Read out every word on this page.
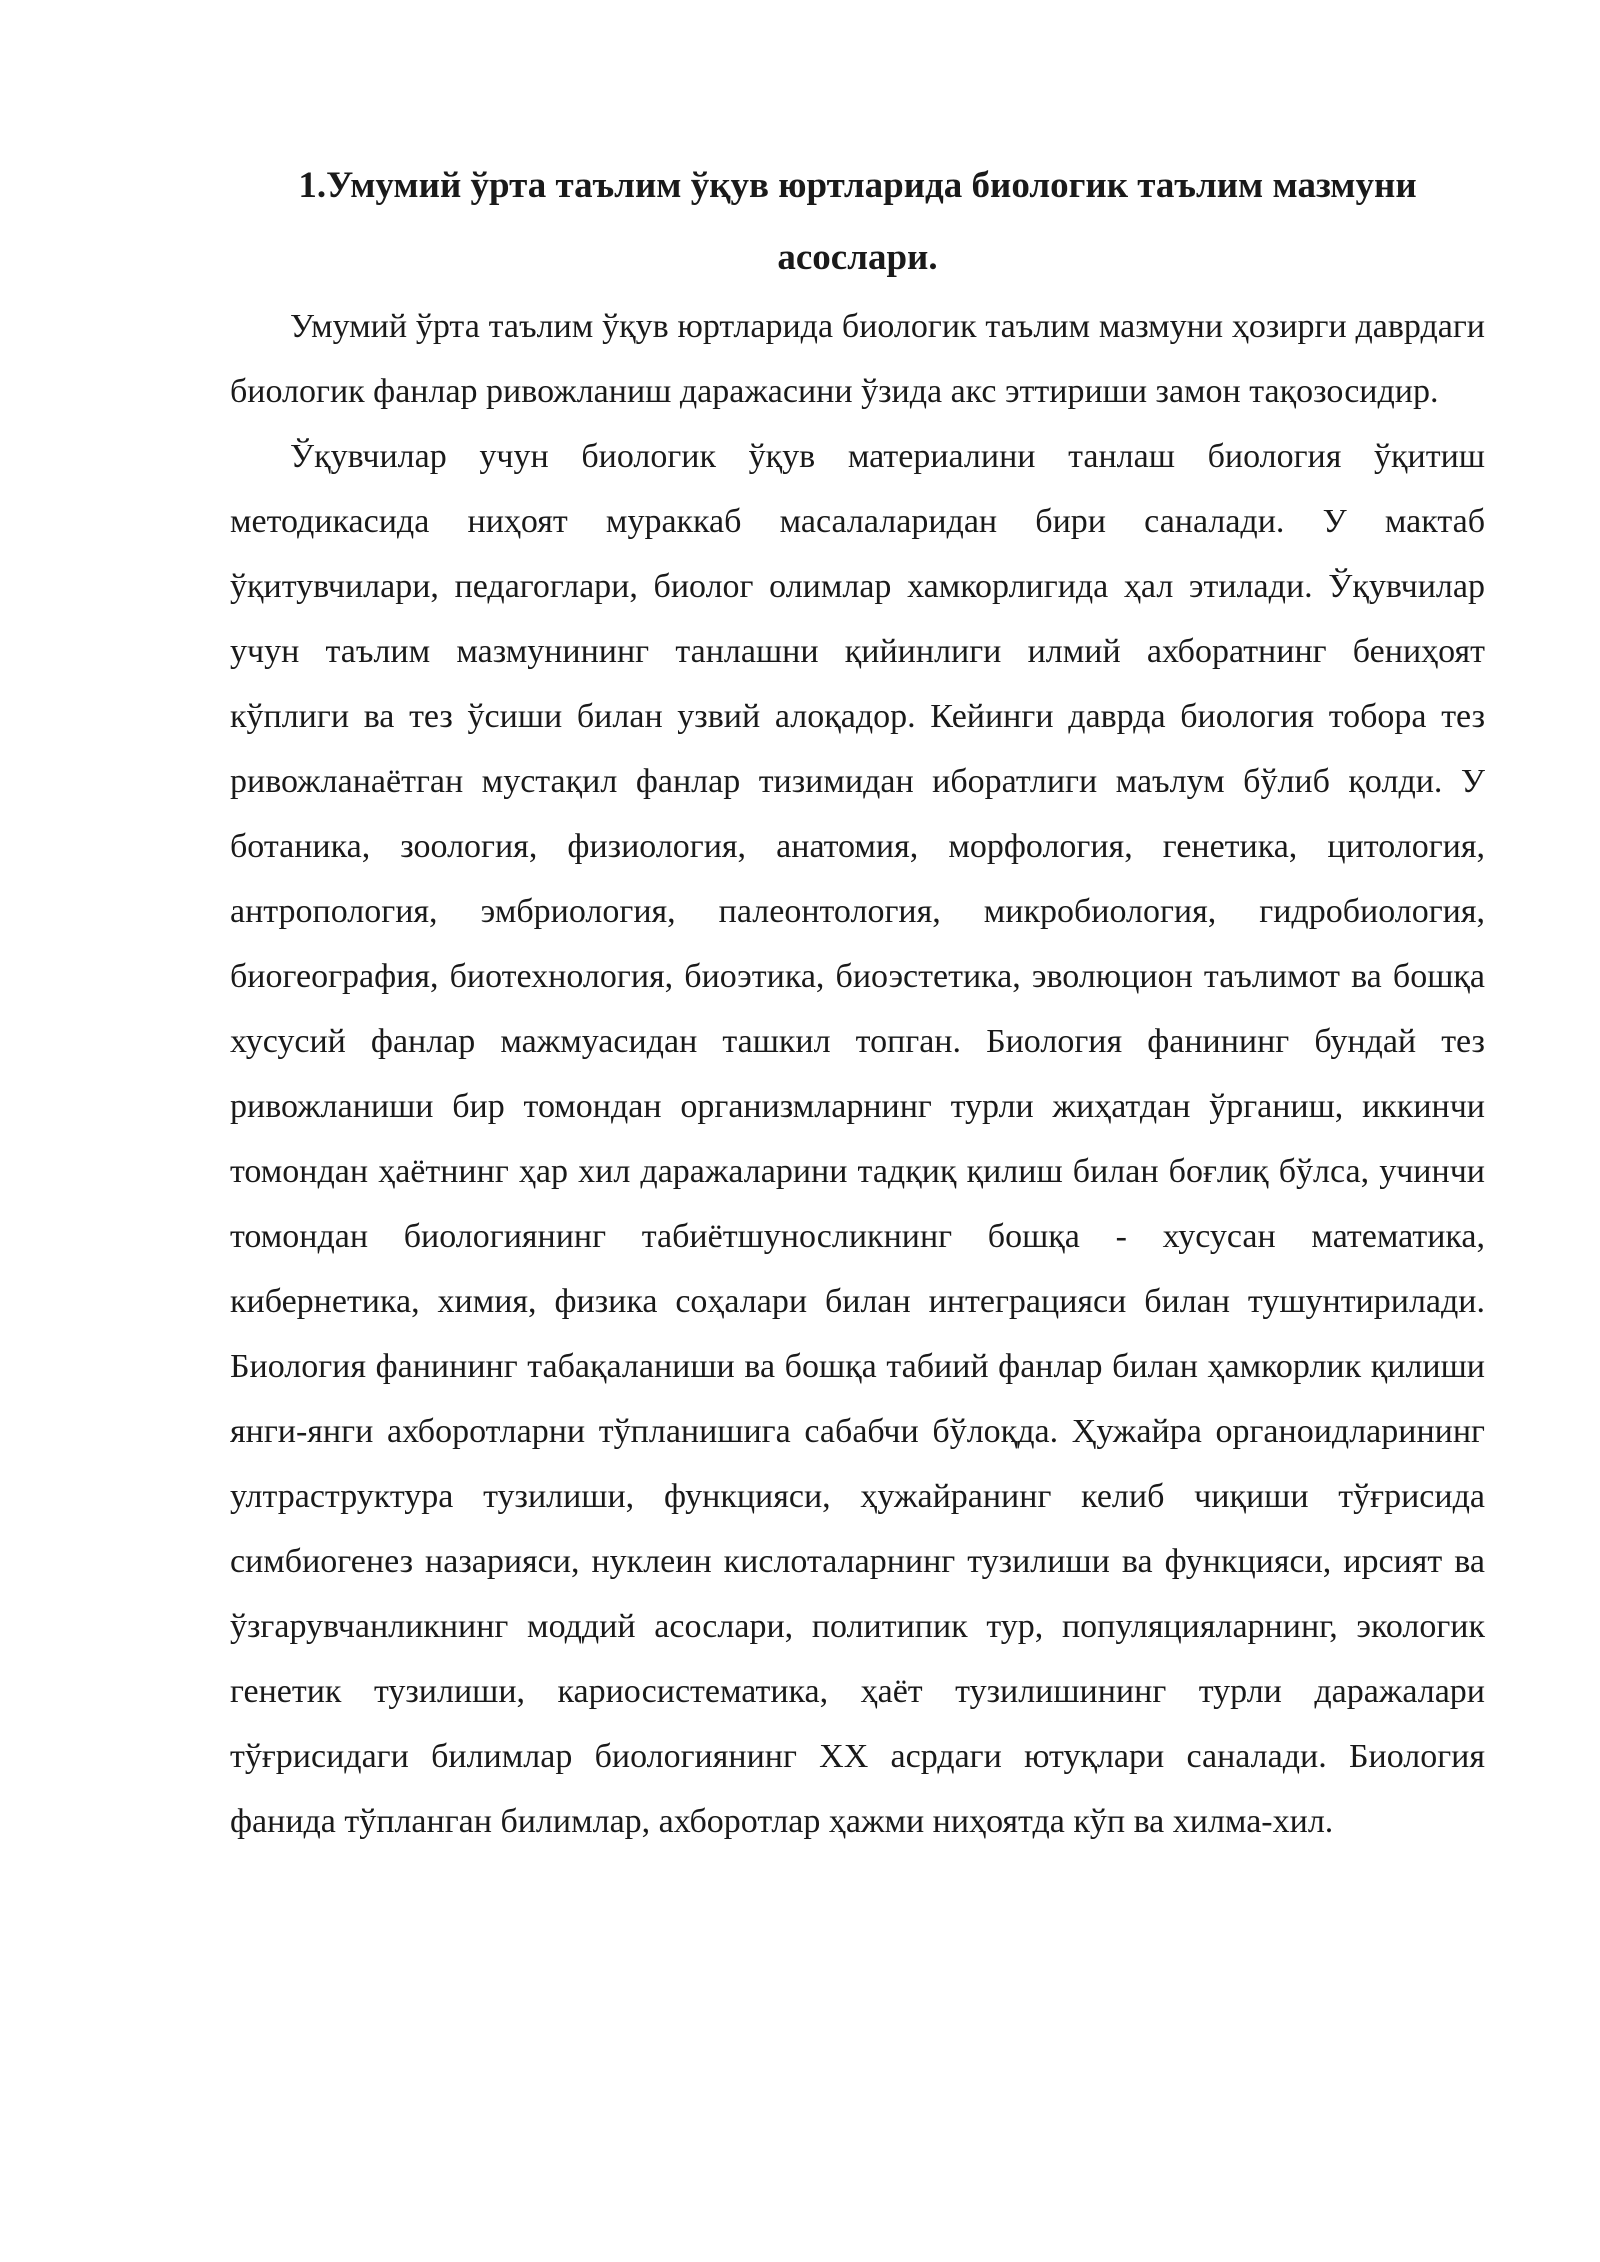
1.Умумий ўрта таълим ўқув юртларида биологик таълим мазмуни асослари.

Умумий ўрта таълим ўқув юртларида биологик таълим мазмуни ҳозирги даврдаги биологик фанлар ривожланиш даражасини ўзида акс эттириши замон тақозосидир.

Ўқувчилар учун биологик ўқув материалини танлаш биология ўқитиш методикасида ниҳоят мураккаб масалаларидан бири саналади. У мактаб ўқитувчилари, педагоглари, биолог олимлар хамкорлигида ҳал этилади. Ўқувчилар учун таълим мазмунининг танлашни қийинлиги илмий ахборатнинг бениҳоят кўплиги ва тез ўсиши билан узвий алоқадор. Кейинги даврда биология тобора тез ривожланаётган мустақил фанлар тизимидан иборатлиги маълум бўлиб қолди. У ботаника, зоология, физиология, анатомия, морфология, генетика, цитология, антропология, эмбриология, палеонтология, микробиология, гидробиология, биогеография, биотехнология, биоэтика, биоэстетика, эволюцион таълимот ва бошқа хусусий фанлар мажмуасидан ташкил топган. Биология фанининг бундай тез ривожланиши бир томондан организмларнинг турли жиҳатдан ўрганиш, иккинчи томондан ҳаётнинг ҳар хил даражаларини тадқиқ қилиш билан боғлиқ бўлса, учинчи томондан биологиянинг табиётшуносликнинг бошқа - хусусан математика, кибернетика, химия, физика соҳалари билан интеграцияси билан тушунтирилади. Биология фанининг табақаланиши ва бошқа табиий фанлар билан ҳамкорлик қилиши янги-янги ахборотларни тўпланишига сабабчи бўлоқда. Ҳужайра органоидларининг ултраструктура тузилиши, функцияси, ҳужайранинг келиб чиқиши тўғрисида симбиогенез назарияси, нуклеин кислоталарнинг тузилиши ва функцияси, ирсият ва ўзгарувчанликнинг моддий асослари, политипик тур, популяцияларнинг, экологик генетик тузилиши, кариосистематика, ҳаёт тузилишининг турли даражалари тўғрисидаги билимлар биологиянинг XX асрдаги ютуқлари саналади. Биология фанида тўпланган билимлар, ахборотлар ҳажми ниҳоятда кўп ва хилма-хил.
